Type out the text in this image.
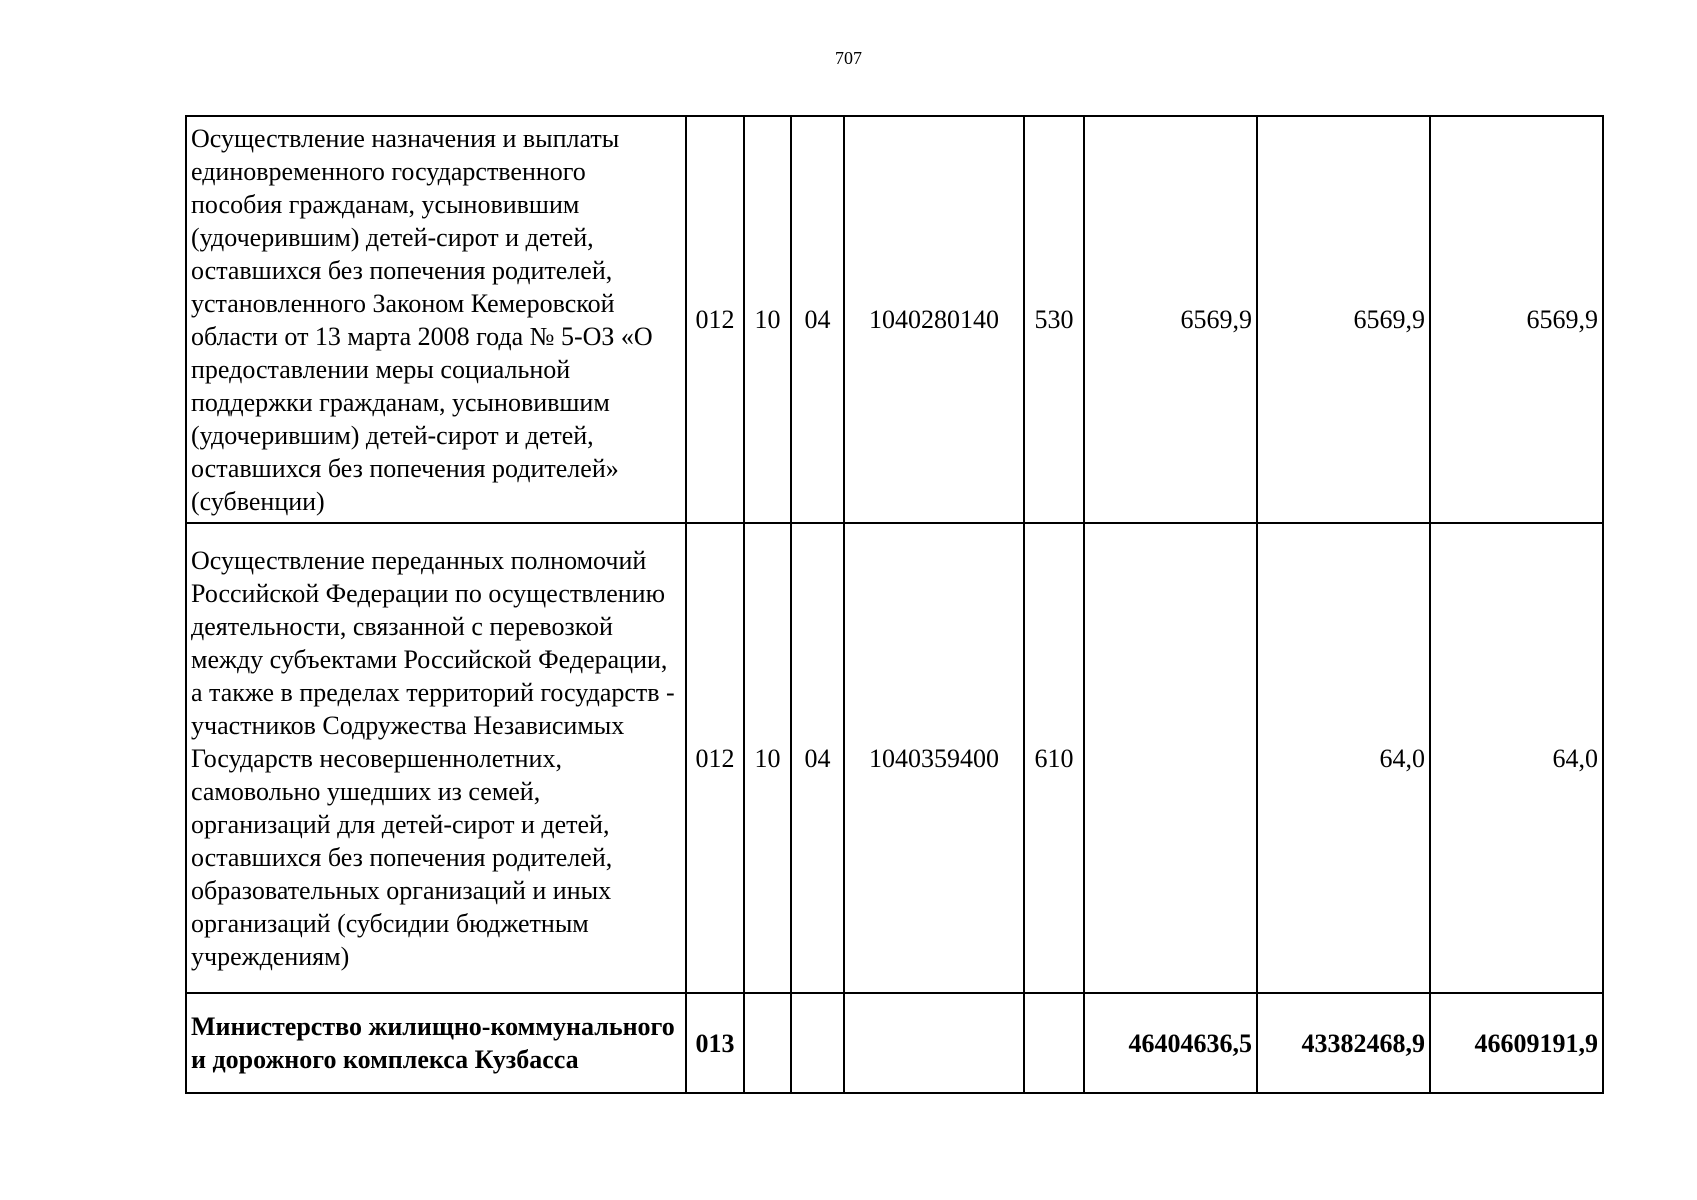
707
Осуществление назначения и выплаты единовременного государственного пособия гражданам, усыновившим (удочерившим) детей-сирот и детей, оставшихся без попечения родителей, установленного Законом Кемеровской области от 13 марта 2008 года № 5-ОЗ «О предоставлении меры социальной поддержки гражданам, усыновившим (удочерившим) детей-сирот и детей, оставшихся без попечения родителей» (субвенции)	012	10	04	1040280140	530	6569,9	6569,9	6569,9
Осуществление переданных полномочий Российской Федерации по осуществлению деятельности, связанной с перевозкой между субъектами Российской Федерации, а также в пределах территорий государств - участников Содружества Независимых Государств несовершеннолетних, самовольно ушедших из семей, организаций для детей-сирот и детей, оставшихся без попечения родителей, образовательных организаций и иных организаций (субсидии бюджетным учреждениям)	012	10	04	1040359400	610		64,0	64,0
Министерство жилищно-коммунального и дорожного комплекса Кузбасса	013					46404636,5	43382468,9	46609191,9
